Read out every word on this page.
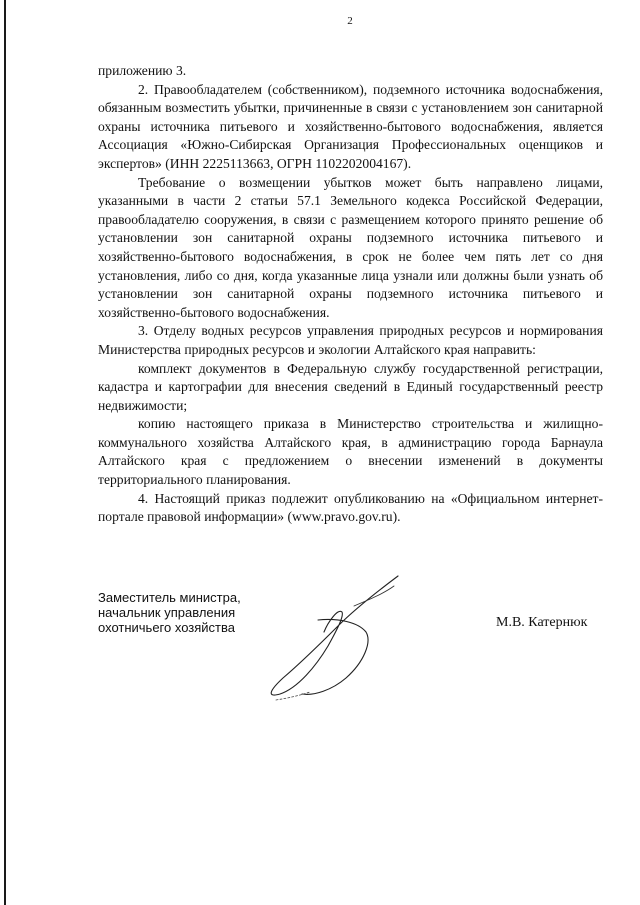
2

приложению 3.

2. Правообладателем (собственником), подземного источника водоснабжения, обязанным возместить убытки, причиненные в связи с установлением зон санитарной охраны источника питьевого и хозяйственно-бытового водоснабжения, является Ассоциация «Южно-Сибирская Организация Профессиональных оценщиков и экспертов» (ИНН 2225113663, ОГРН 1102202004167).

Требование о возмещении убытков может быть направлено лицами, указанными в части 2 статьи 57.1 Земельного кодекса Российской Федерации, правообладателю сооружения, в связи с размещением которого принято решение об установлении зон санитарной охраны подземного источника питьевого и хозяйственно-бытового водоснабжения, в срок не более чем пять лет со дня установления, либо со дня, когда указанные лица узнали или должны были узнать об установлении зон санитарной охраны подземного источника питьевого и хозяйственно-бытового водоснабжения.

3. Отделу водных ресурсов управления природных ресурсов и нормирования Министерства природных ресурсов и экологии Алтайского края направить:

комплект документов в Федеральную службу государственной регистрации, кадастра и картографии для внесения сведений в Единый государственный реестр недвижимости;

копию настоящего приказа в Министерство строительства и жилищно-коммунального хозяйства Алтайского края, в администрацию города Барнаула Алтайского края с предложением о внесении изменений в документы территориального планирования.

4. Настоящий приказ подлежит опубликованию на «Официальном интернет-портале правовой информации» (www.pravo.gov.ru).

Заместитель министра,
начальник управления
охотничьего хозяйства	М.В. Катернюк
